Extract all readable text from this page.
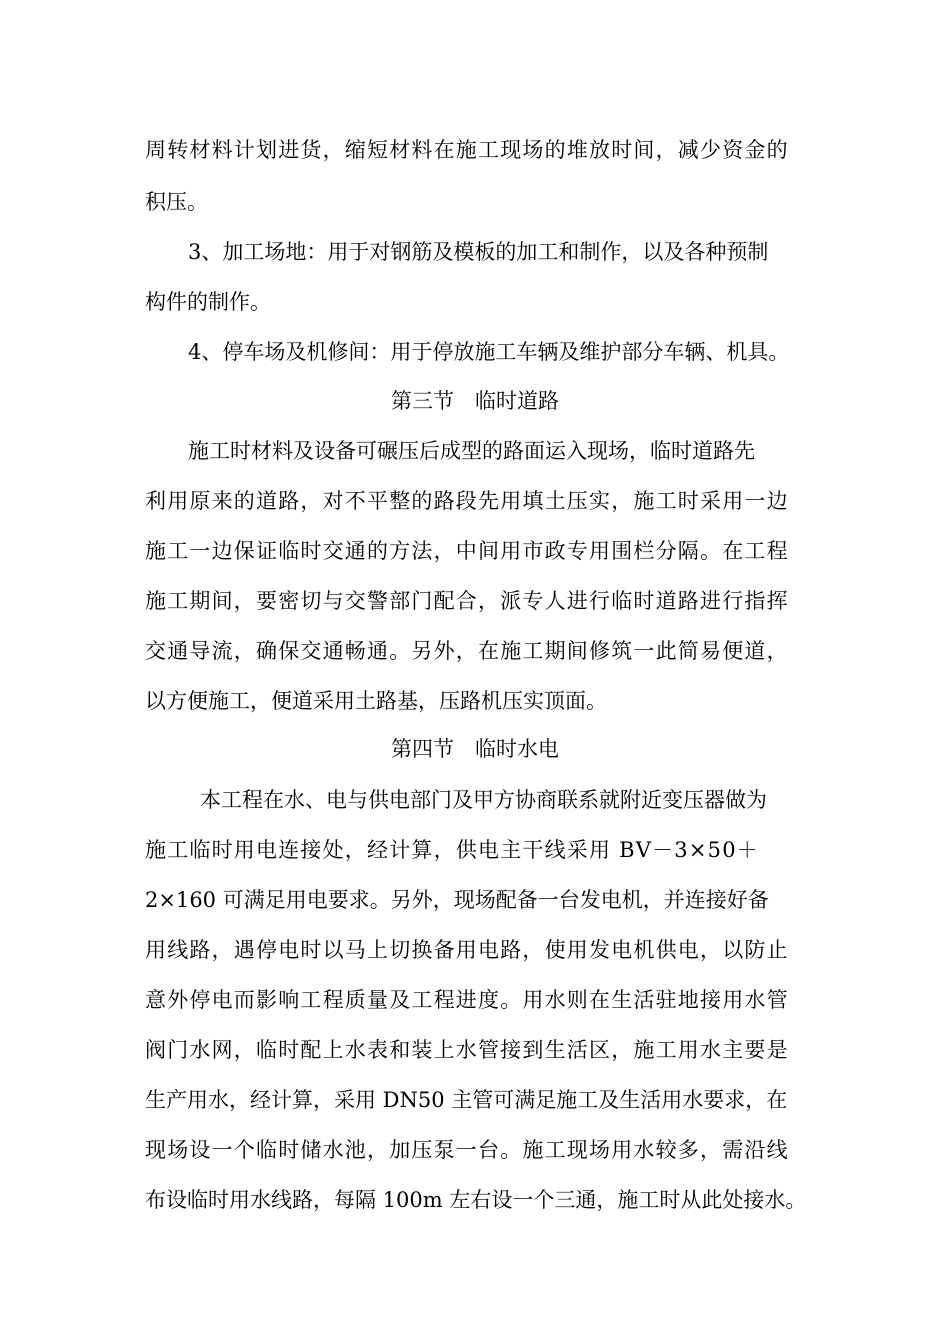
周转材料计划进货，缩短材料在施工现场的堆放时间，减少资金的
积压。
3、加工场地：用于对钢筋及模板的加工和制作，以及各种预制
构件的制作。
4、停车场及机修间：用于停放施工车辆及维护部分车辆、机具。
第三节　临时道路
施工时材料及设备可碾压后成型的路面运入现场，临时道路先
利用原来的道路，对不平整的路段先用填土压实，施工时采用一边
施工一边保证临时交通的方法，中间用市政专用围栏分隔。在工程
施工期间，要密切与交警部门配合，派专人进行临时道路进行指挥
交通导流，确保交通畅通。另外，在施工期间修筑一此简易便道，
以方便施工，便道采用土路基，压路机压实顶面。
第四节　临时水电
本工程在水、电与供电部门及甲方协商联系就附近变压器做为
施工临时用电连接处，经计算，供电主干线采用 BV－3×50＋
2×160 可满足用电要求。另外，现场配备一台发电机，并连接好备
用线路，遇停电时以马上切换备用电路，使用发电机供电，以防止
意外停电而影响工程质量及工程进度。用水则在生活驻地接用水管
阀门水网，临时配上水表和装上水管接到生活区，施工用水主要是
生产用水，经计算，采用 DN50 主管可满足施工及生活用水要求，在
现场设一个临时储水池，加压泵一台。施工现场用水较多，需沿线
布设临时用水线路，每隔 100m 左右设一个三通，施工时从此处接水。
